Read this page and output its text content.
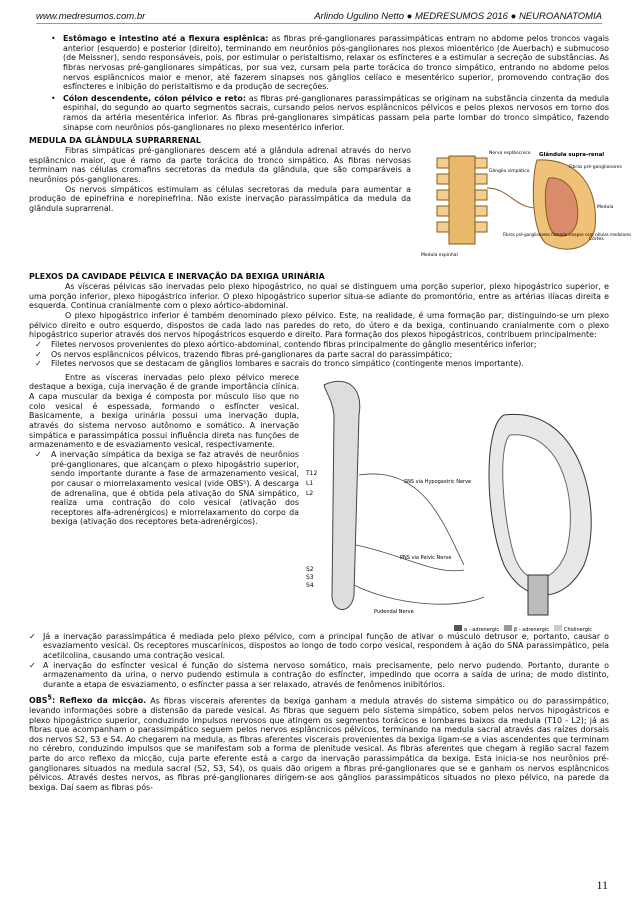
www.medresumos.com.br	Arlindo Ugulino Netto ● MEDRESUMOS 2016 ● NEUROANATOMIA
• Estômago e intestino até a flexura esplênica: as fibras pré-ganglionares parassimpáticas entram no abdome pelos troncos vagais anterior (esquerdo) e posterior (direito), terminando em neurônios pós-ganglionares nos plexos mioentérico (de Auerbach) e submucoso (de Meissner), sendo responsáveis, pois, por estimular o peristaltismo, relaxar os esfíncteres e a estimular a secreção de substâncias. As fibras nervosas pré-ganglionares simpáticas, por sua vez, cursam pela parte torácica do tronco simpático, entrando no abdome pelos nervos esplâncnicos maior e menor, até fazerem sinapses nos gânglios celíaco e mesentérico superior, promovendo contração dos esfíncteres e inibição do peristaltismo e da produção de secreções.
• Cólon descendente, cólon pélvico e reto: as fibras pré-ganglionares parassimpáticas se originam na substância cinzenta da medula espinhal, do segundo ao quarto segmentos sacrais, cursando pelos nervos esplâncnicos pélvicos e pelos plexos nervosos em torno dos ramos da artéria mesentérica inferior. As fibras pré-ganglionares simpáticas passam pela parte lombar do tronco simpático, fazendo sinapse com neurônios pós-ganglionares no plexo mesentérico inferior.
MEDULA DA GLÂNDULA SUPRARRENAL

Fibras simpáticas pré-ganglionares descem até a glândula adrenal através do nervo esplâncnico maior, que é ramo da parte torácica do tronco simpático. As fibras nervosas terminam nas células cromafins secretoras da medula da glândula, que são comparáveis a neurônios pós-ganglionares.

Os nervos simpáticos estimulam as células secretoras da medula para aumentar a produção de epinefrina e norepinefrina. Não existe inervação parassimpática da medula da glândula suprarrenal.

Glândula supra-renal
Nervo esplâncnico
Gânglio simpático
Fibras pré-ganglionares
Medula
Córtex
Medula espinhal
Fibras pré-ganglionares fazendo sinapse com células medulares
PLEXOS DA CAVIDADE PÉLVICA E INERVAÇÃO DA BEXIGA URINÁRIA

As vísceras pélvicas são inervadas pelo plexo hipogástrico, no qual se distinguem uma porção superior, plexo hipogástrico superior, e uma porção inferior, plexo hipogástrico inferior. O plexo hipogástrico superior situa-se adiante do promontório, entre as artérias ilíacas direita e esquerda. Continua cranialmente com o plexo aórtico-abdominal.

O plexo hipogástrico inferior é também denominado plexo pélvico. Este, na realidade, é uma formação par, distinguindo-se um plexo pélvico direito e outro esquerdo, dispostos de cada lado nas paredes do reto, do útero e da bexiga, continuando cranialmente com o plexo hipogástrico superior através dos nervos hipogástricos esquerdo e direito. Para formação dos plexos hipogástricos, contribuem principalmente:

✓ Filetes nervosos provenientes do plexo aórtico-abdominal, contendo fibras principalmente do gânglio mesentérico inferior;
✓ Os nervos esplâncnicos pélvicos, trazendo fibras pré-ganglionares da parte sacral do parassimpático;
✓ Filetes nervosos que se destacam de gânglios lombares e sacrais do tronco simpático (contingente menos importante).

Entre as vísceras inervadas pelo plexo pélvico merece destaque a bexiga, cuja inervação é de grande importância clínica. A capa muscular da bexiga é composta por músculo liso que no colo vesical é espessada, formando o esfíncter vesical. Basicamente, a bexiga urinária possui uma inervação dupla, através do sistema nervoso autônomo e somático. A inervação simpática e parassimpática possui influência direta nas funções de armazenamento e de esvaziamento vesical, respectivamente.

✓ A inervação simpática da bexiga se faz através de neurônios pré-ganglionares, que alcançam o plexo hipogástrio superior, sendo importante durante a fase de armazenamento vesical, por causar o miorrelaxamento vesical (vide OBS⁵). A descarga de adrenalina, que é obtida pela ativação do SNA simpático, realiza uma contração do colo vesical (ativação dos receptores alfa-adrenérgicos) e miorrelaxamento do corpo da bexiga (ativação dos receptores beta-adrenérgicos).
T12
L1
L2
S2
S3
S4
SNS via Hypogastric Nerve
PNS via Pelvic Nerve
Pudendal Nerve
α - adrenergic	β - adrenergic	Cholinergic
✓ Já a inervação parassimpática é mediada pelo plexo pélvico, com a principal função de ativar o músculo detrusor e, portanto, causar o esvaziamento vesical. Os receptores muscarínicos, dispostos ao longo de todo corpo vesical, respondem à ação do SNA parassimpático, pela acetilcolina, causando uma contração vesical.
✓ A inervação do esfíncter vesical é função do sistema nervoso somático, mais precisamente, pelo nervo pudendo. Portanto, durante o armazenamento da urina, o nervo pudendo estimula a contração do esfíncter, impedindo que ocorra a saída de urina; de modo distinto, durante a etapa de esvaziamento, o esfíncter passa a ser relaxado, através de fenômenos inibitórios.

OBS$^5$: Reflexo da micção. As fibras viscerais aferentes da bexiga ganham a medula através do sistema simpático ou do parassimpático, levando informações sobre a distensão da parede vesical. As fibras que seguem pelo sistema simpático, sobem pelos nervos hipogástricos e plexo hipogástrico superior, conduzindo impulsos nervosos que atingem os segmentos torácicos e lombares baixos da medula (T10 - L2); já as fibras que acompanham o parassimpático seguem pelos nervos esplâncnicos pélvicos, terminando na medula sacral através das raízes dorsais dos nervos S2, S3 e S4. Ao chegarem na medula, as fibras aferentes viscerais provenientes da bexiga ligam-se a vias ascendentes que terminam no cérebro, conduzindo impulsos que se manifestam sob a forma de plenitude vesical. As fibras aferentes que chegam à região sacral fazem parte do arco reflexo da micção, cuja parte eferente está a cargo da inervação parassimpática da bexiga. Esta inicia-se nos neurônios pré-ganglionares situados na medula sacral (S2, S3, S4), os quais dão origem a fibras pré-ganglionares que se e ganham os nervos esplâncnicos pélvicos. Através destes nervos, as fibras pré-ganglionares dirigem-se aos gânglios parassimpáticos situados no plexo pélvico, na parede da bexiga. Daí saem as fibras pós-

11
